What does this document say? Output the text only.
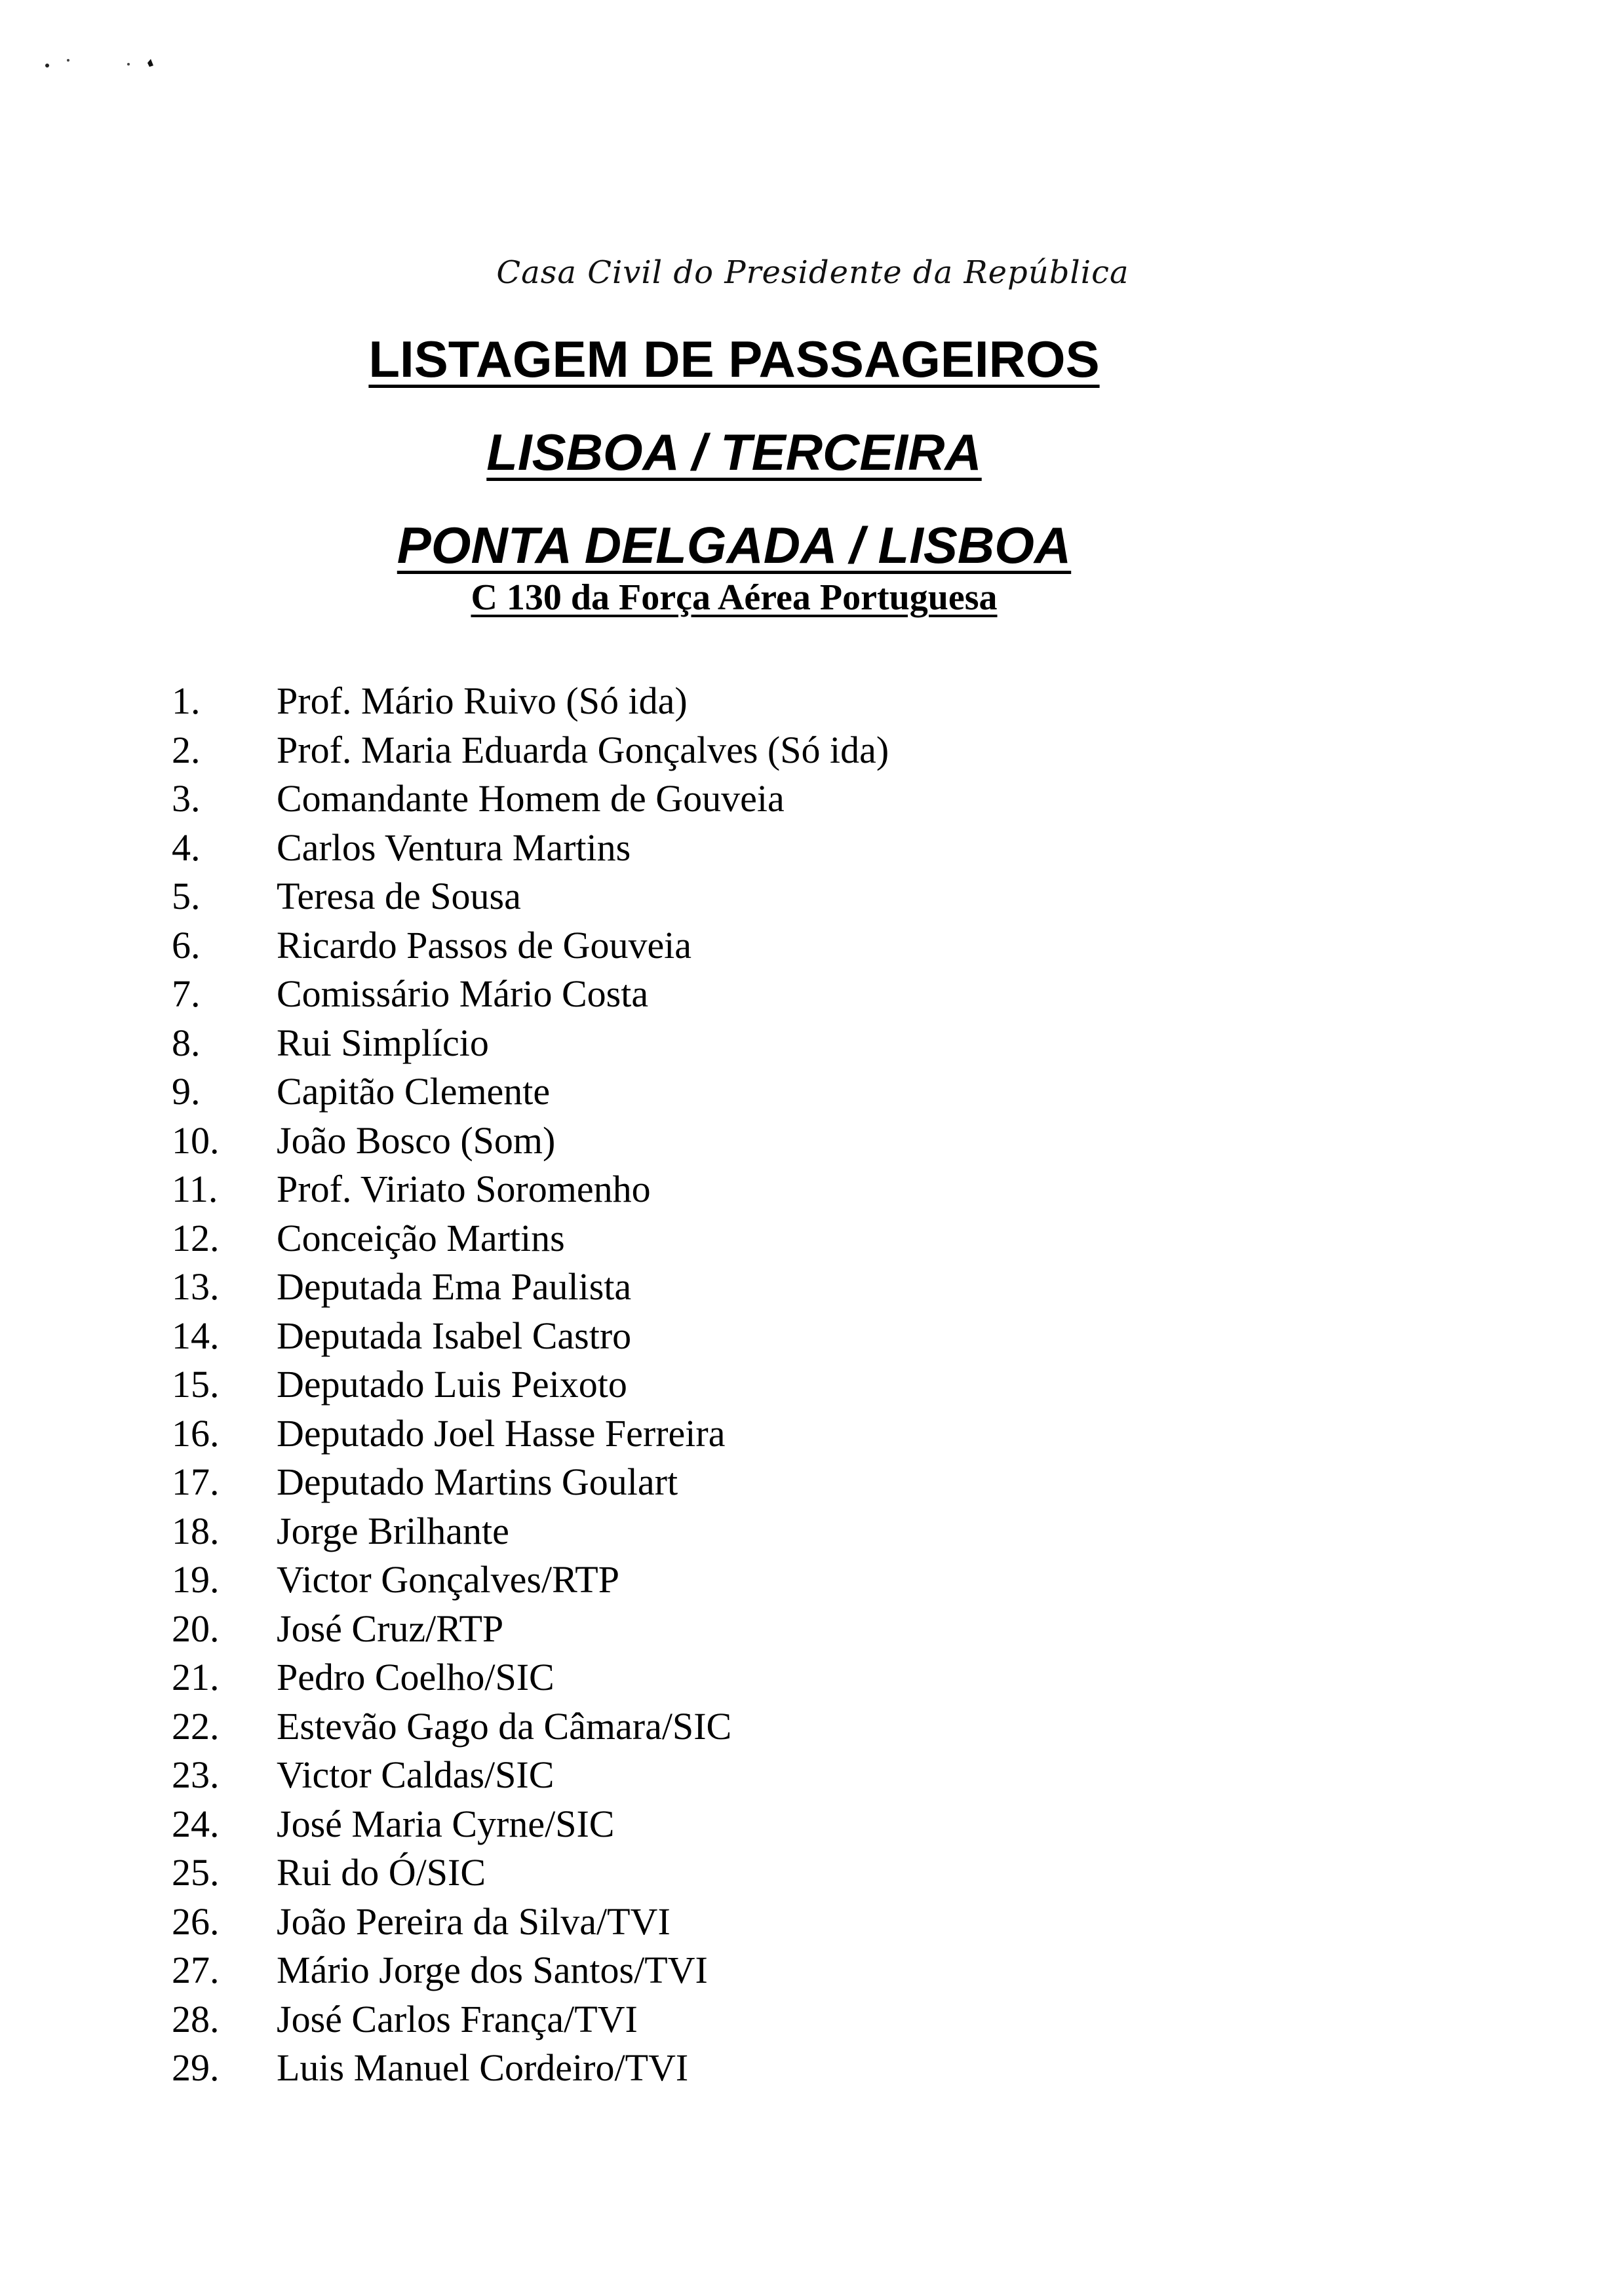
Casa Civil do Presidente da República
LISTAGEM DE PASSAGEIROS
LISBOA / TERCEIRA
PONTA DELGADA / LISBOA
C 130 da Força Aérea Portuguesa
1.	Prof. Mário Ruivo (Só ida)
2.	Prof. Maria Eduarda Gonçalves (Só ida)
3.	Comandante Homem de Gouveia
4.	Carlos Ventura Martins
5.	Teresa de Sousa
6.	Ricardo Passos de Gouveia
7.	Comissário Mário Costa
8.	Rui Simplício
9.	Capitão Clemente
10.	João Bosco (Som)
11.	Prof. Viriato Soromenho
12.	Conceição Martins
13.	Deputada Ema Paulista
14.	Deputada Isabel Castro
15.	Deputado Luis Peixoto
16.	Deputado Joel Hasse Ferreira
17.	Deputado Martins Goulart
18.	Jorge Brilhante
19.	Victor Gonçalves/RTP
20.	José Cruz/RTP
21.	Pedro Coelho/SIC
22.	Estevão Gago da Câmara/SIC
23.	Victor Caldas/SIC
24.	José Maria Cyrne/SIC
25.	Rui do Ó/SIC
26.	João Pereira da Silva/TVI
27.	Mário Jorge dos Santos/TVI
28.	José Carlos França/TVI
29.	Luis Manuel Cordeiro/TVI
